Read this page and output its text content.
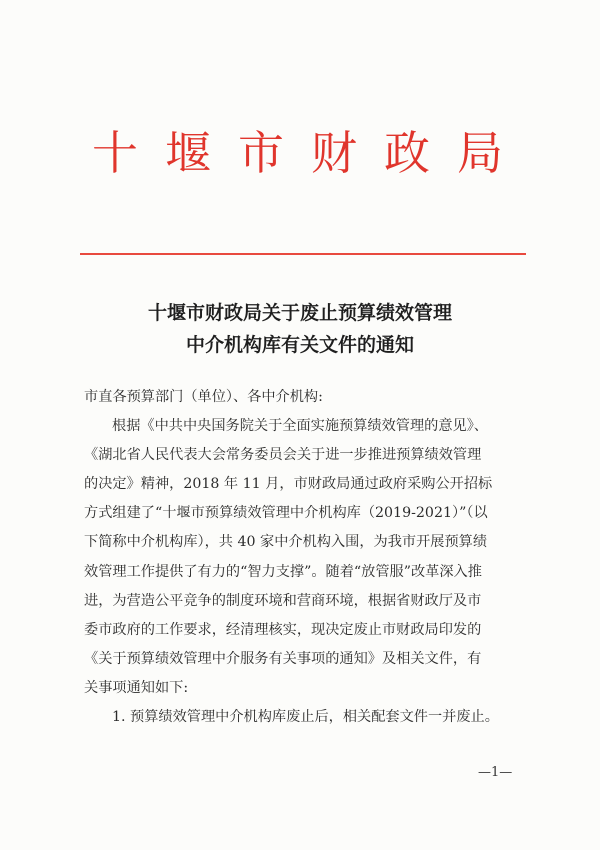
十堰市财政局
十堰市财政局关于废止预算绩效管理
中介机构库有关文件的通知
市直各预算部门（单位）、各中介机构:
根据《中共中央国务院关于全面实施预算绩效管理的意见》、
《湖北省人民代表大会常务委员会关于进一步推进预算绩效管理
的决定》精神，2018 年 11 月，市财政局通过政府采购公开招标
方式组建了“十堰市预算绩效管理中介机构库（2019-2021）”（以
下简称中介机构库），共 40 家中介机构入围，为我市开展预算绩
效管理工作提供了有力的“智力支撑”。随着“放管服”改革深入推
进，为营造公平竞争的制度环境和营商环境，根据省财政厅及市
委市政府的工作要求，经清理核实，现决定废止市财政局印发的
《关于预算绩效管理中介服务有关事项的通知》及相关文件，有
关事项通知如下:
1. 预算绩效管理中介机构库废止后，相关配套文件一并废止。
—1—
